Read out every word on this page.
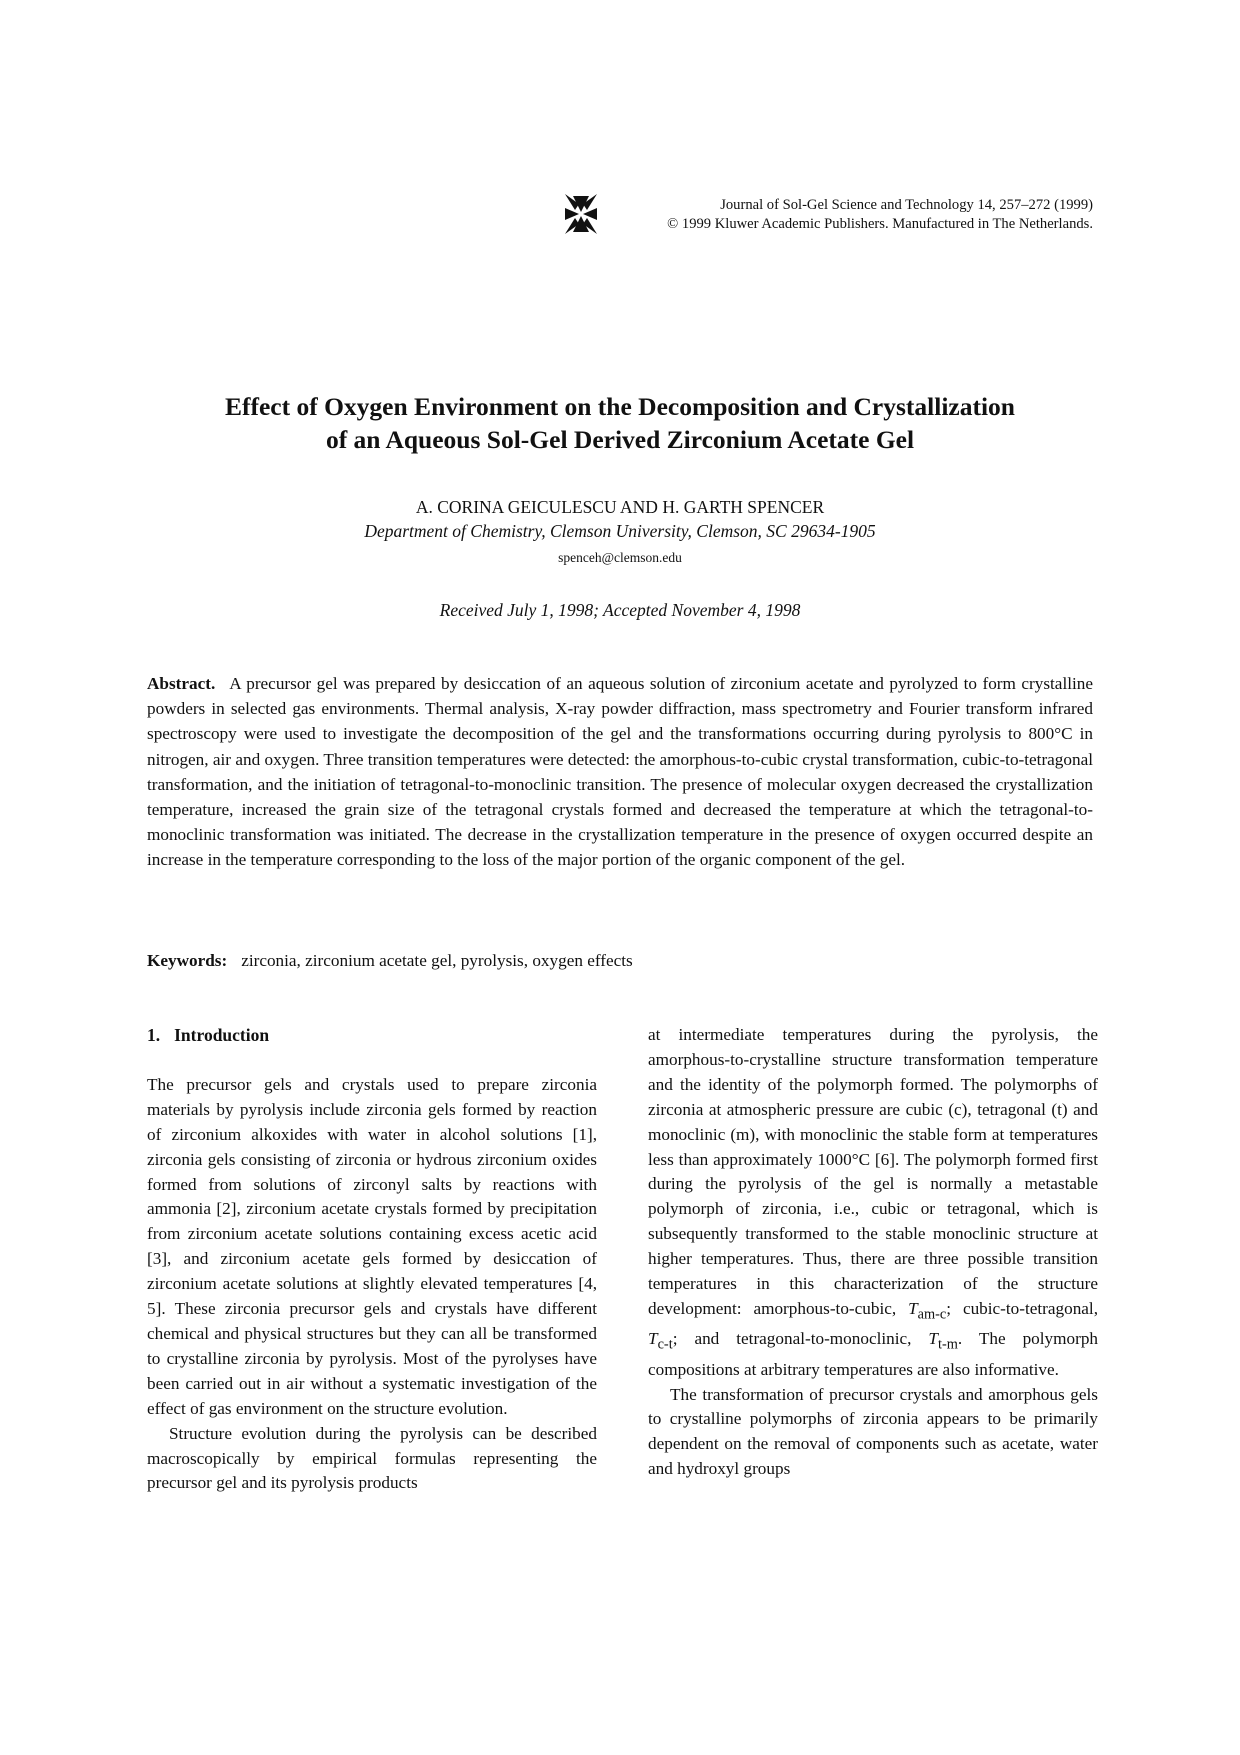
Journal of Sol-Gel Science and Technology 14, 257–272 (1999)
© 1999 Kluwer Academic Publishers. Manufactured in The Netherlands.
Effect of Oxygen Environment on the Decomposition and Crystallization
of an Aqueous Sol-Gel Derived Zirconium Acetate Gel
A. CORINA GEICULESCU AND H. GARTH SPENCER
Department of Chemistry, Clemson University, Clemson, SC 29634-1905
spenceh@clemson.edu
Received July 1, 1998; Accepted November 4, 1998

Abstract. A precursor gel was prepared by desiccation of an aqueous solution of zirconium acetate and pyrolyzed to form crystalline powders in selected gas environments. Thermal analysis, X-ray powder diffraction, mass spectrometry and Fourier transform infrared spectroscopy were used to investigate the decomposition of the gel and the transformations occurring during pyrolysis to 800°C in nitrogen, air and oxygen. Three transition temperatures were detected: the amorphous-to-cubic crystal transformation, cubic-to-tetragonal transformation, and the initiation of tetragonal-to-monoclinic transition. The presence of molecular oxygen decreased the crystallization temperature, increased the grain size of the tetragonal crystals formed and decreased the temperature at which the tetragonal-to-monoclinic transformation was initiated. The decrease in the crystallization temperature in the presence of oxygen occurred despite an increase in the temperature corresponding to the loss of the major portion of the organic component of the gel.

Keywords: zirconia, zirconium acetate gel, pyrolysis, oxygen effects

1. Introduction

The precursor gels and crystals used to prepare zirconia materials by pyrolysis include zirconia gels formed by reaction of zirconium alkoxides with water in alcohol solutions [1], zirconia gels consisting of zirconia or hydrous zirconium oxides formed from solutions of zirconyl salts by reactions with ammonia [2], zirconium acetate crystals formed by precipitation from zirconium acetate solutions containing excess acetic acid [3], and zirconium acetate gels formed by desiccation of zirconium acetate solutions at slightly elevated temperatures [4, 5]. These zirconia precursor gels and crystals have different chemical and physical structures but they can all be transformed to crystalline zirconia by pyrolysis. Most of the pyrolyses have been carried out in air without a systematic investigation of the effect of gas environment on the structure evolution.

Structure evolution during the pyrolysis can be described macroscopically by empirical formulas representing the precursor gel and its pyrolysis products

at intermediate temperatures during the pyrolysis, the amorphous-to-crystalline structure transformation temperature and the identity of the polymorph formed. The polymorphs of zirconia at atmospheric pressure are cubic (c), tetragonal (t) and monoclinic (m), with monoclinic the stable form at temperatures less than approximately 1000°C [6]. The polymorph formed first during the pyrolysis of the gel is normally a metastable polymorph of zirconia, i.e., cubic or tetragonal, which is subsequently transformed to the stable monoclinic structure at higher temperatures. Thus, there are three possible transition temperatures in this characterization of the structure development: amorphous-to-cubic, $T_{am-c}$; cubic-to-tetragonal, $T_{c-t}$; and tetragonal-to-monoclinic, $T_{t-m}$. The polymorph compositions at arbitrary temperatures are also informative.

The transformation of precursor crystals and amorphous gels to crystalline polymorphs of zirconia appears to be primarily dependent on the removal of components such as acetate, water and hydroxyl groups
